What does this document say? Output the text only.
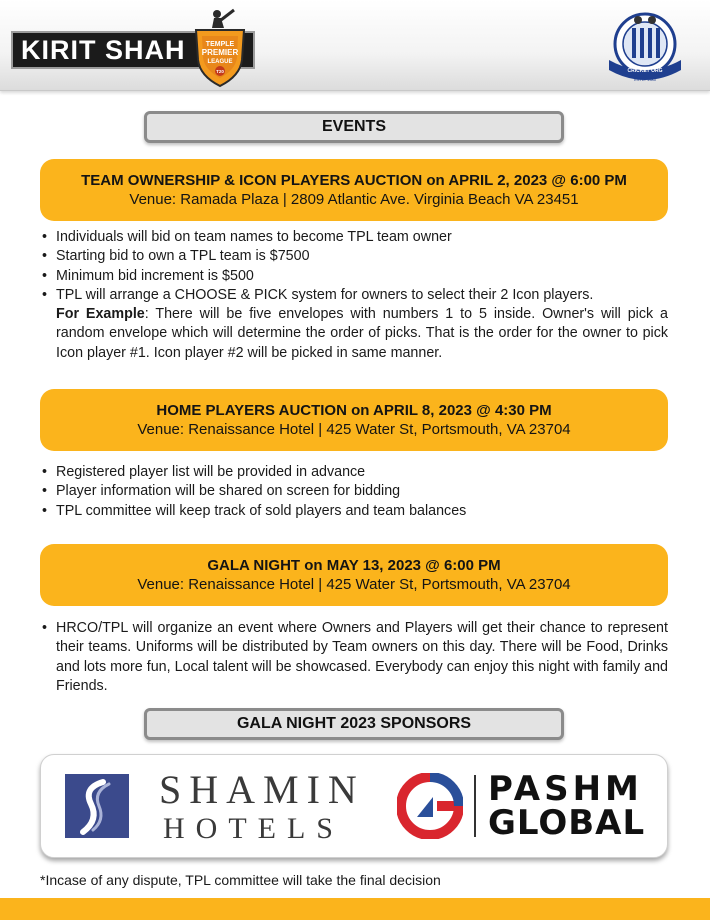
KIRIT SHAH	TEMPLE
PREMIER
LEAGUE
T20	CRICKET ORG
ESTD. 1985
EVENTS
TEAM OWNERSHIP & ICON PLAYERS AUCTION on APRIL 2, 2023 @ 6:00 PM
Venue: Ramada Plaza | 2809 Atlantic Ave. Virginia Beach VA 23451
• Individuals will bid on team names to become TPL team owner
• Starting bid to own a TPL team is $7500
• Minimum bid increment is $500
• TPL will arrange a CHOOSE & PICK system for owners to select their 2 Icon players.
For Example: There will be five envelopes with numbers 1 to 5 inside. Owner's will pick a random envelope which will determine the order of picks. That is the order for the owner to pick Icon player #1. Icon player #2 will be picked in same manner.
HOME PLAYERS AUCTION on APRIL 8, 2023 @ 4:30 PM
Venue: Renaissance Hotel | 425 Water St, Portsmouth, VA 23704
• Registered player list will be provided in advance
• Player information will be shared on screen for bidding
• TPL committee will keep track of sold players and team balances
GALA NIGHT on MAY 13, 2023 @ 6:00 PM
Venue: Renaissance Hotel | 425 Water St, Portsmouth, VA 23704
• HRCO/TPL will organize an event where Owners and Players will get their chance to represent their teams. Uniforms will be distributed by Team owners on this day. There will be Food, Drinks and lots more fun, Local talent will be showcased. Everybody can enjoy this night with family and Friends.
GALA NIGHT 2023 SPONSORS
SHAMIN
HOTELS
PASHM
GLOBAL
*Incase of any dispute, TPL committee will take the final decision
